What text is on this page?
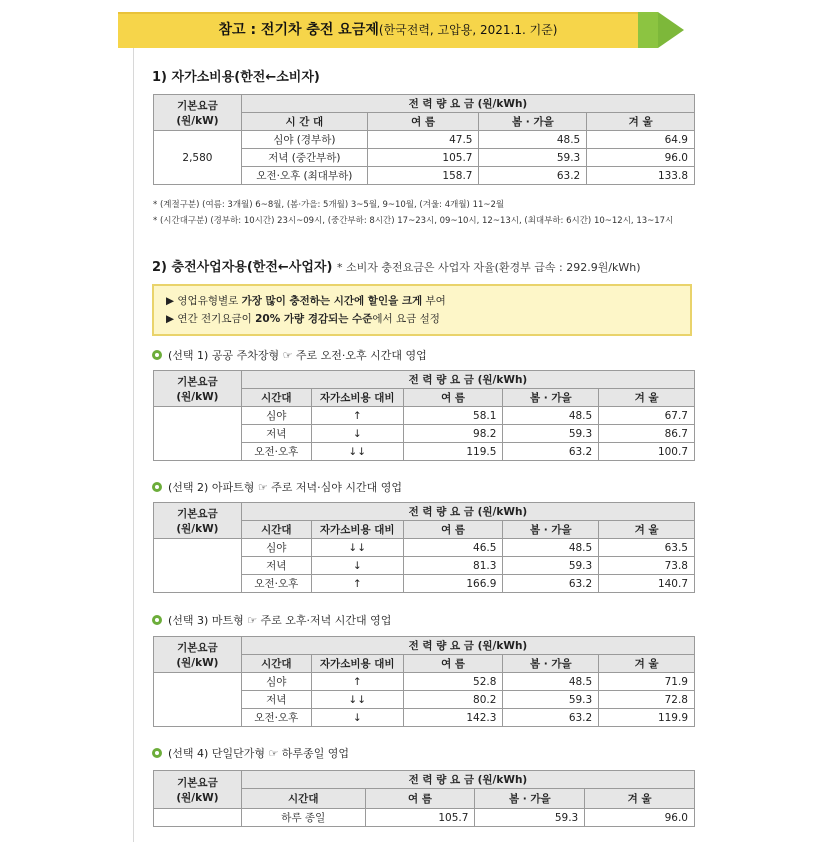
참고 : 전기차 충전 요금제(한국전력, 고압용, 2021.1. 기준)
1) 자가소비용(한전←소비자)
기본요금
(원/kW)	전 력 량 요 금 (원/kWh)			
	시 간 대	여 름	봄 · 가을	겨 울
2,580	심야 (경부하)	47.5	48.5	64.9
	저녁 (중간부하)	105.7	59.3	96.0
	오전·오후 (최대부하)	158.7	63.2	133.8
* (계절구분) (여름: 3개월) 6~8월, (봄·가을: 5개월) 3~5월, 9~10월, (겨울: 4개월) 11~2월
* (시간대구분) (경부하: 10시간) 23시~09시, (중간부하: 8시간) 17~23시, 09~10시, 12~13시, (최대부하: 6시간) 10~12시, 13~17시
2) 충전사업자용(한전←사업자) * 소비자 충전요금은 사업자 자율(환경부 급속 : 292.9원/kWh)
▶ 영업유형별로 가장 많이 충전하는 시간에 할인을 크게 부여
▶ 연간 전기요금이 20% 가량 경감되는 수준에서 요금 설정
(선택 1) 공공 주차장형 ☞ 주로 오전·오후 시간대 영업
기본요금
(원/kW)	전 력 량 요 금 (원/kWh)				
	시간대	자가소비용 대비	여 름	봄 · 가을	겨 울
	심야	↑	58.1	48.5	67.7
	저녁	↓	98.2	59.3	86.7
	오전·오후	↓↓	119.5	63.2	100.7
(선택 2) 아파트형 ☞ 주로 저녁·심야 시간대 영업
기본요금
(원/kW)	전 력 량 요 금 (원/kWh)				
	시간대	자가소비용 대비	여 름	봄 · 가을	겨 울
	심야	↓↓	46.5	48.5	63.5
	저녁	↓	81.3	59.3	73.8
	오전·오후	↑	166.9	63.2	140.7
(선택 3) 마트형 ☞ 주로 오후·저녁 시간대 영업
기본요금
(원/kW)	전 력 량 요 금 (원/kWh)				
	시간대	자가소비용 대비	여 름	봄 · 가을	겨 울
	심야	↑	52.8	48.5	71.9
	저녁	↓↓	80.2	59.3	72.8
	오전·오후	↓	142.3	63.2	119.9
(선택 4) 단일단가형 ☞ 하루종일 영업
기본요금
(원/kW)	전 력 량 요 금 (원/kWh)			
	시간대	여 름	봄 · 가을	겨 울
	하루 종일	105.7	59.3	96.0
